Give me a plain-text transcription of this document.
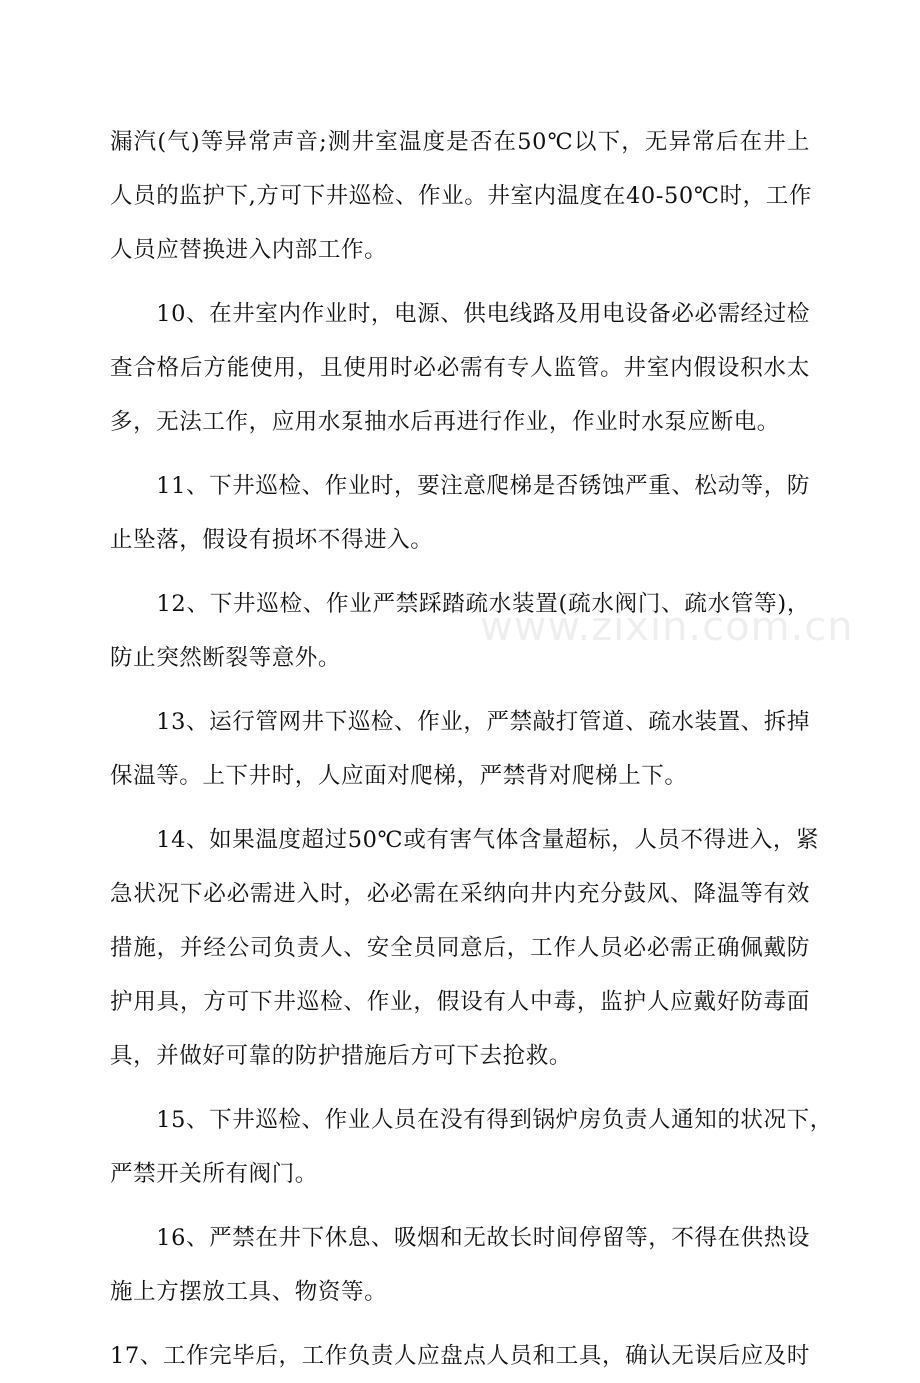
www.zixin.com.cn
漏汽(气)等异常声音;测井室温度是否在50℃以下，无异常后在井上
人员的监护下,方可下井巡检、作业。井室内温度在40-50℃时，工作
人员应替换进入内部工作。
　　10、在井室内作业时，电源、供电线路及用电设备必必需经过检
查合格后方能使用，且使用时必必需有专人监管。井室内假设积水太
多，无法工作，应用水泵抽水后再进行作业，作业时水泵应断电。
　　11、下井巡检、作业时，要注意爬梯是否锈蚀严重、松动等，防
止坠落，假设有损坏不得进入。
　　12、下井巡检、作业严禁踩踏疏水装置(疏水阀门、疏水管等)，
防止突然断裂等意外。
　　13、运行管网井下巡检、作业，严禁敲打管道、疏水装置、拆掉
保温等。上下井时，人应面对爬梯，严禁背对爬梯上下。
　　14、如果温度超过50℃或有害气体含量超标，人员不得进入，紧
急状况下必必需进入时，必必需在采纳向井内充分鼓风、降温等有效
措施，并经公司负责人、安全员同意后，工作人员必必需正确佩戴防
护用具，方可下井巡检、作业，假设有人中毒，监护人应戴好防毒面
具，并做好可靠的防护措施后方可下去抢救。
　　15、下井巡检、作业人员在没有得到锅炉房负责人通知的状况下，
严禁开关所有阀门。
　　16、严禁在井下休息、吸烟和无故长时间停留等，不得在供热设
施上方摆放工具、物资等。
17、工作完毕后，工作负责人应盘点人员和工具，确认无误后应及时
